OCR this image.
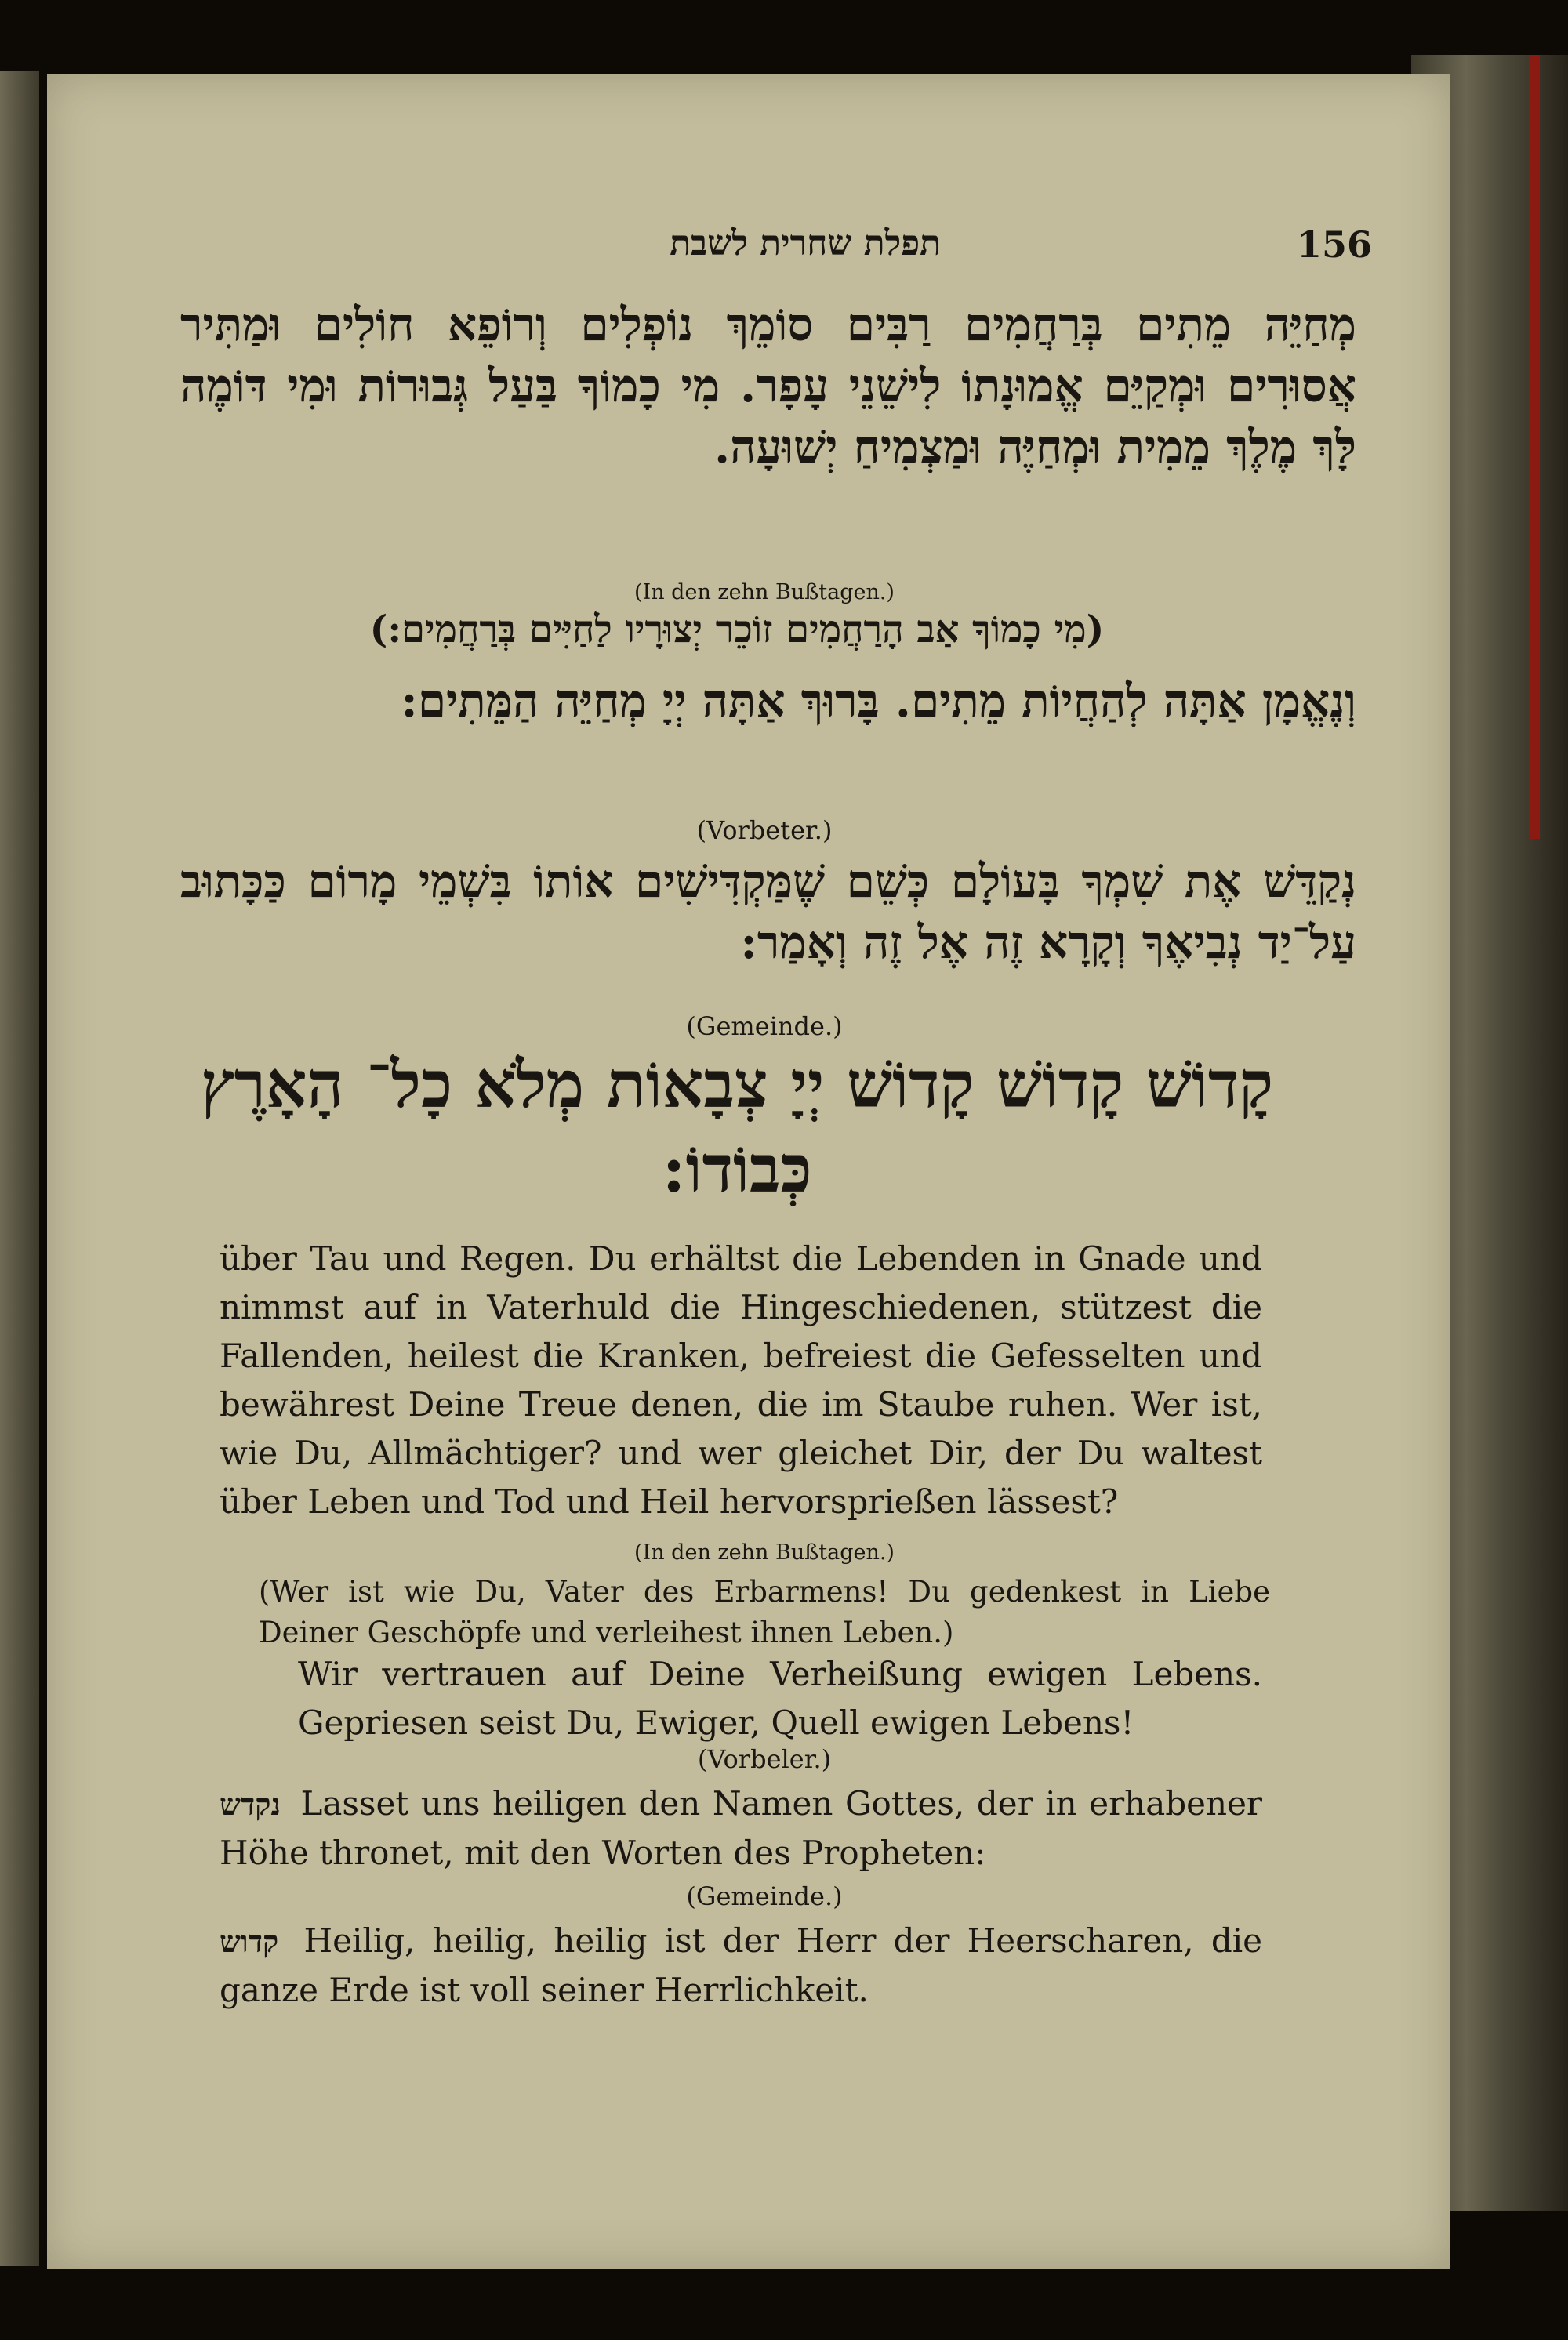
תפלת שחרית לשבת	156
מְחַיֵּה מֵתִים בְּרַחֲמִים רַבִּים סוֹמֵךְ נוֹפְלִים וְרוֹפֵא חוֹלִים וּמַתִּיר אֲסוּרִים וּמְקַיֵּם אֱמוּנָתוֹ לִישֵׁנֵי עָפָר. מִי כָמוֹךָ בַּעַל גְּבוּרוֹת וּמִי דּוֹמֶה לָּךְ מֶלֶךְ מֵמִית וּמְחַיֶּה וּמַצְמִיחַ יְשׁוּעָה.
(In den zehn Bußtagen.)
(מִי כָמוֹךָ אַב הָרַחֲמִים זוֹכֵר יְצוּרָיו לַחַיִּים בְּרַחֲמִים:)
וְנֶאֱמָן אַתָּה לְהַחֲיוֹת מֵתִים. בָּרוּךְ אַתָּה יְיָ מְחַיֵּה הַמֵּתִים:
(Vorbeter.)
נְקַדֵּשׁ אֶת שִׁמְךָ בָּעוֹלָם כְּשֵׁם שֶׁמַּקְדִּישִׁים אוֹתוֹ בִּשְׁמֵי מָרוֹם כַּכָּתוּב עַל־יַד נְבִיאֶךָ וְקָרָא זֶה אֶל זֶה וְאָמַר:
(Gemeinde.)
קָדוֹשׁ קָדוֹשׁ קָדוֹשׁ יְיָ צְבָאוֹת מְלֹא כָל־ הָאָרֶץ כְּבוֹדוֹ:
über Tau und Regen. Du erhältst die Lebenden in Gnade und nimmst auf in Vaterhuld die Hingeschiedenen, stützest die Fallenden, heilest die Kranken, befreiest die Gefesselten und bewährest Deine Treue denen, die im Staube ruhen. Wer ist, wie Du, Allmächtiger? und wer gleichet Dir, der Du waltest über Leben und Tod und Heil hervorsprießen lässest?
(In den zehn Bußtagen.)
(Wer ist wie Du, Vater des Erbarmens! Du gedenkest in Liebe Deiner Geschöpfe und verleihest ihnen Leben.)
Wir vertrauen auf Deine Verheißung ewigen Lebens. Gepriesen seist Du, Ewiger, Quell ewigen Lebens!
(Vorbeler.)
נקדש Lasset uns heiligen den Namen Gottes, der in erhabener Höhe thronet, mit den Worten des Propheten:
(Gemeinde.)
קדוש Heilig, heilig, heilig ist der Herr der Heerscharen, die ganze Erde ist voll seiner Herrlichkeit.
